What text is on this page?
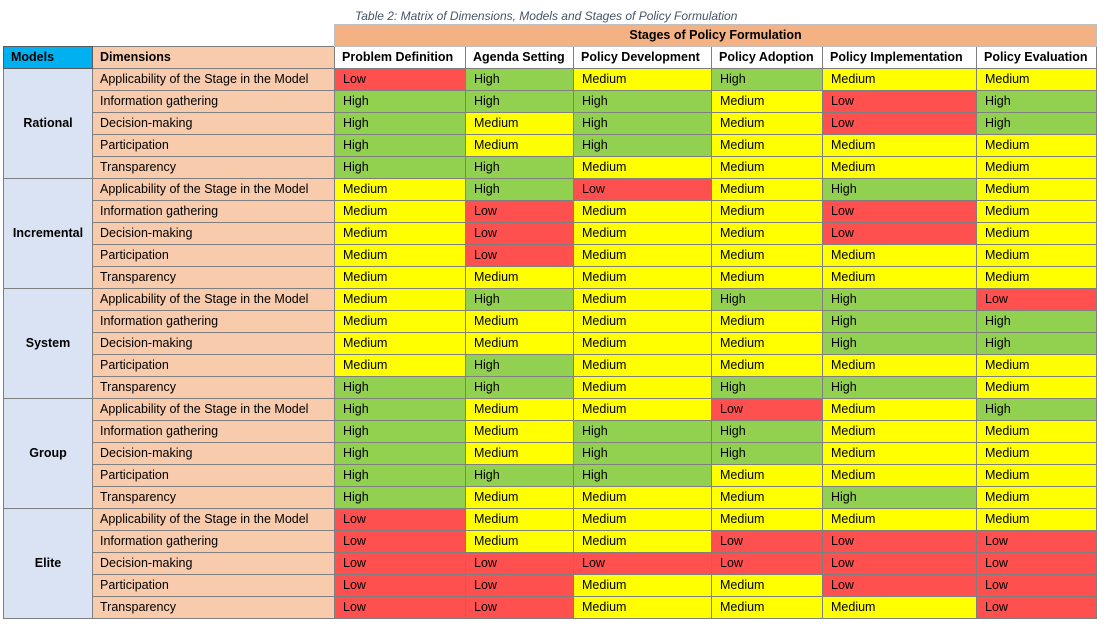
Table 2: Matrix of Dimensions, Models and Stages of Policy Formulation
		Stages of Policy Formulation					
Models	Dimensions	Problem Definition	Agenda Setting	Policy Development	Policy Adoption	Policy Implementation	Policy Evaluation
Rational	Applicability of the Stage in the Model	Low	High	Medium	High	Medium	Medium
	Information gathering	High	High	High	Medium	Low	High
	Decision-making	High	Medium	High	Medium	Low	High
	Participation	High	Medium	High	Medium	Medium	Medium
	Transparency	High	High	Medium	Medium	Medium	Medium
Incremental	Applicability of the Stage in the Model	Medium	High	Low	Medium	High	Medium
	Information gathering	Medium	Low	Medium	Medium	Low	Medium
	Decision-making	Medium	Low	Medium	Medium	Low	Medium
	Participation	Medium	Low	Medium	Medium	Medium	Medium
	Transparency	Medium	Medium	Medium	Medium	Medium	Medium
System	Applicability of the Stage in the Model	Medium	High	Medium	High	High	Low
	Information gathering	Medium	Medium	Medium	Medium	High	High
	Decision-making	Medium	Medium	Medium	Medium	High	High
	Participation	Medium	High	Medium	Medium	Medium	Medium
	Transparency	High	High	Medium	High	High	Medium
Group	Applicability of the Stage in the Model	High	Medium	Medium	Low	Medium	High
	Information gathering	High	Medium	High	High	Medium	Medium
	Decision-making	High	Medium	High	High	Medium	Medium
	Participation	High	High	High	Medium	Medium	Medium
	Transparency	High	Medium	Medium	Medium	High	Medium
Elite	Applicability of the Stage in the Model	Low	Medium	Medium	Medium	Medium	Medium
	Information gathering	Low	Medium	Medium	Low	Low	Low
	Decision-making	Low	Low	Low	Low	Low	Low
	Participation	Low	Low	Medium	Medium	Low	Low
	Transparency	Low	Low	Medium	Medium	Medium	Low
